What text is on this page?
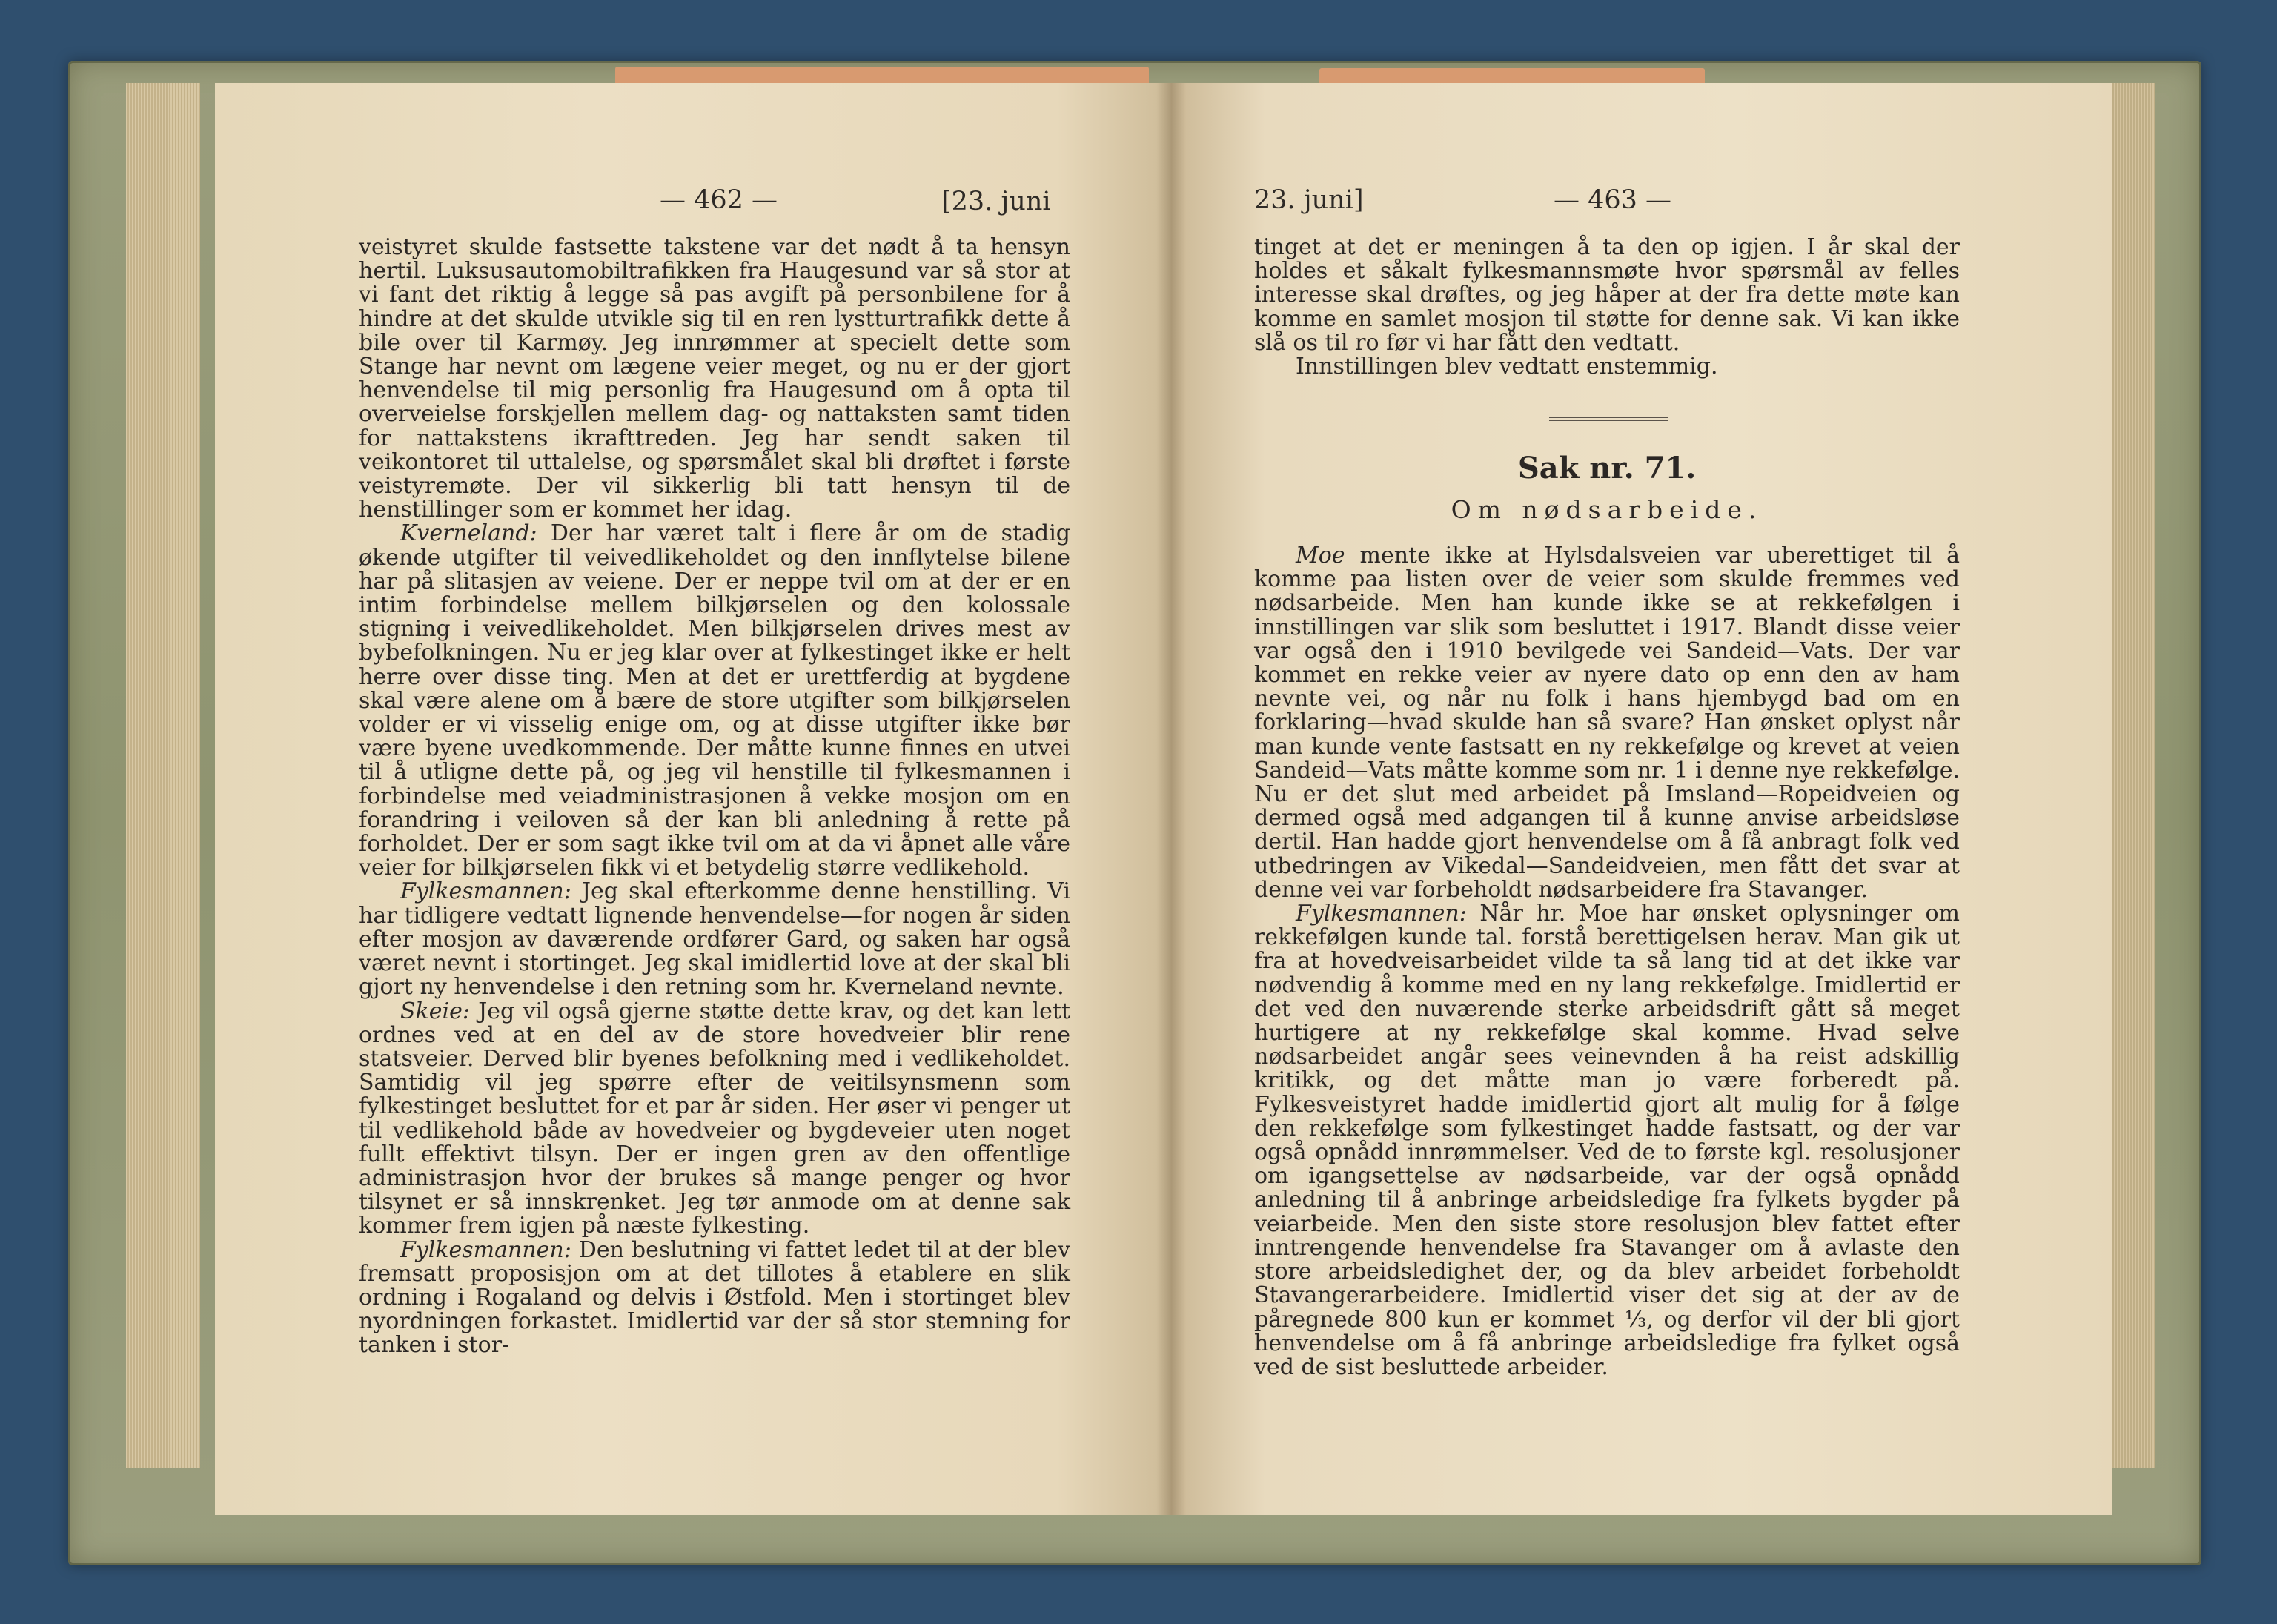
— 462 —	[23. juni

veistyret skulde fastsette takstene var det nødt å ta hensyn hertil. Luksusautomobiltrafikken fra Haugesund var så stor at vi fant det riktig å legge så pas avgift på personbilene for å hindre at det skulde utvikle sig til en ren lystturtrafikk dette å bile over til Karmøy. Jeg innrømmer at specielt dette som Stange har nevnt om lægene veier meget, og nu er der gjort henvendelse til mig personlig fra Haugesund om å opta til overveielse forskjellen mellem dag- og nattaksten samt tiden for nattakstens ikrafttreden. Jeg har sendt saken til veikontoret til uttalelse, og spørsmålet skal bli drøftet i første veistyremøte. Der vil sikkerlig bli tatt hensyn til de henstillinger som er kommet her idag.

Kverneland: Der har været talt i flere år om de stadig økende utgifter til veivedlikeholdet og den innflytelse bilene har på slitasjen av veiene. Der er neppe tvil om at der er en intim forbindelse mellem bilkjørselen og den kolossale stigning i veivedlikeholdet. Men bilkjørselen drives mest av bybefolkningen. Nu er jeg klar over at fylkestinget ikke er helt herre over disse ting. Men at det er urettferdig at bygdene skal være alene om å bære de store utgifter som bilkjørselen volder er vi visselig enige om, og at disse utgifter ikke bør være byene uvedkommende. Der måtte kunne finnes en utvei til å utligne dette på, og jeg vil henstille til fylkesmannen i forbindelse med veiadministrasjonen å vekke mosjon om en forandring i veiloven så der kan bli anledning å rette på forholdet. Der er som sagt ikke tvil om at da vi åpnet alle våre veier for bilkjørselen fikk vi et betydelig større vedlikehold.

Fylkesmannen: Jeg skal efterkomme denne henstilling. Vi har tidligere vedtatt lignende henvendelse—for nogen år siden efter mosjon av daværende ordfører Gard, og saken har også været nevnt i stortinget. Jeg skal imidlertid love at der skal bli gjort ny henvendelse i den retning som hr. Kverneland nevnte.

Skeie: Jeg vil også gjerne støtte dette krav, og det kan lett ordnes ved at en del av de store hovedveier blir rene statsveier. Derved blir byenes befolkning med i vedlikeholdet. Samtidig vil jeg spørre efter de veitilsynsmenn som fylkestinget besluttet for et par år siden. Her øser vi penger ut til vedlikehold både av hovedveier og bygdeveier uten noget fullt effektivt tilsyn. Der er ingen gren av den offentlige administrasjon hvor der brukes så mange penger og hvor tilsynet er så innskrenket. Jeg tør anmode om at denne sak kommer frem igjen på næste fylkesting.

Fylkesmannen: Den beslutning vi fattet ledet til at der blev fremsatt proposisjon om at det tillotes å etablere en slik ordning i Rogaland og delvis i Østfold. Men i stortinget blev nyordningen forkastet. Imidlertid var der så stor stemning for tanken i stor-

23. juni]	— 463 —

tinget at det er meningen å ta den op igjen. I år skal der holdes et såkalt fylkesmannsmøte hvor spørsmål av felles interesse skal drøftes, og jeg håper at der fra dette møte kan komme en samlet mosjon til støtte for denne sak. Vi kan ikke slå os til ro før vi har fått den vedtatt.

Innstillingen blev vedtatt enstemmig.

Sak nr. 71.
Om nødsarbeide.

Moe mente ikke at Hylsdalsveien var uberettiget til å komme paa listen over de veier som skulde fremmes ved nødsarbeide. Men han kunde ikke se at rekkefølgen i innstillingen var slik som besluttet i 1917. Blandt disse veier var også den i 1910 bevilgede vei Sandeid—Vats. Der var kommet en rekke veier av nyere dato op enn den av ham nevnte vei, og når nu folk i hans hjembygd bad om en forklaring—hvad skulde han så svare? Han ønsket oplyst når man kunde vente fastsatt en ny rekkefølge og krevet at veien Sandeid—Vats måtte komme som nr. 1 i denne nye rekkefølge. Nu er det slut med arbeidet på Imsland—Ropeidveien og dermed også med adgangen til å kunne anvise arbeidsløse dertil. Han hadde gjort henvendelse om å få anbragt folk ved utbedringen av Vikedal—Sandeidveien, men fått det svar at denne vei var forbeholdt nødsarbeidere fra Stavanger.

Fylkesmannen: Når hr. Moe har ønsket oplysninger om rekkefølgen kunde tal. forstå berettigelsen herav. Man gik ut fra at hovedveisarbeidet vilde ta så lang tid at det ikke var nødvendig å komme med en ny lang rekkefølge. Imidlertid er det ved den nuværende sterke arbeidsdrift gått så meget hurtigere at ny rekkefølge skal komme. Hvad selve nødsarbeidet angår sees veinevnden å ha reist adskillig kritikk, og det måtte man jo være forberedt på. Fylkesveistyret hadde imidlertid gjort alt mulig for å følge den rekkefølge som fylkestinget hadde fastsatt, og der var også opnådd innrømmelser. Ved de to første kgl. resolusjoner om igangsettelse av nødsarbeide, var der også opnådd anledning til å anbringe arbeidsledige fra fylkets bygder på veiarbeide. Men den siste store resolusjon blev fattet efter inntrengende henvendelse fra Stavanger om å avlaste den store arbeidsledighet der, og da blev arbeidet forbeholdt Stavangerarbeidere. Imidlertid viser det sig at der av de påregnede 800 kun er kommet ⅓, og derfor vil der bli gjort henvendelse om å få anbringe arbeidsledige fra fylket også ved de sist besluttede arbeider.
